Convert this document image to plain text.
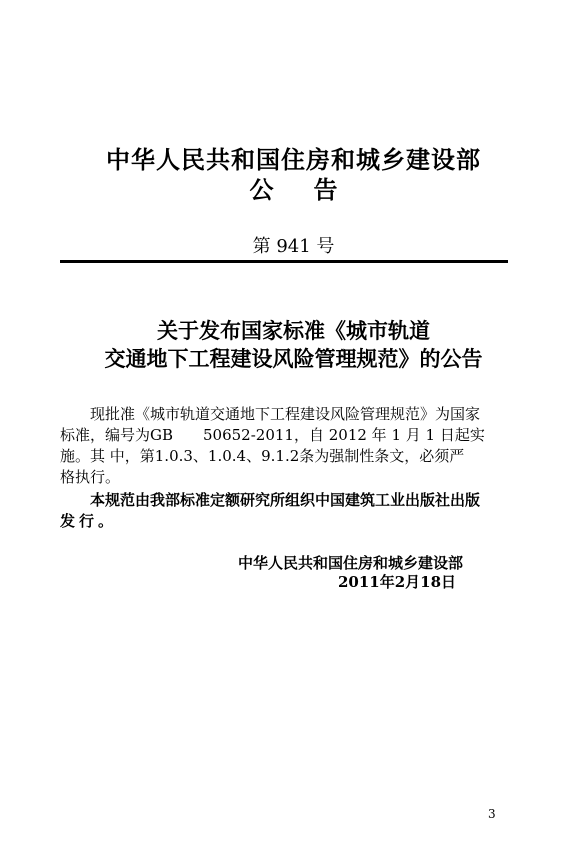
中华人民共和国住房和城乡建设部
公告
第 941 号
关于发布国家标准《城市轨道
交通地下工程建设风险管理规范》的公告
现批准《城市轨道交通地下工程建设风险管理规范》为国家
标准，编号为GB　　50652-2011，自 2012 年 1 月 1 日起实
施。其 中，第1.0.3、1.0.4、9.1.2条为强制性条文，必须严
格执行。
本规范由我部标准定额研究所组织中国建筑工业出版社出版
发行。
中华人民共和国住房和城乡建设部
2011年2月18日
3
